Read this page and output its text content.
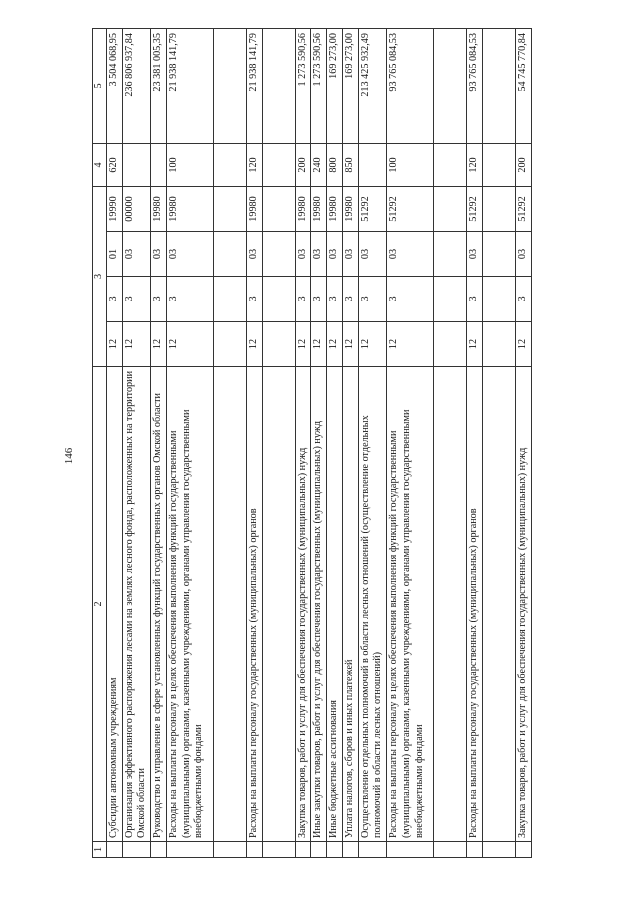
146
1	2	3				4	5
	Субсидии автономным учреждениям	12	3	01	19990	620	3 504 068,95
	Организация эффективного распоряжения лесами на землях лесного фонда, расположенных на территории Омской области	12	3	03	00000		236 806 937,84
	Руководство и управление в сфере установленных функций государственных органов Омской области	12	3	03	19980		23 381 005,35
	Расходы на выплаты персоналу в целях обеспечения выполнения функций государственными (муниципальными) органами, казенными учреждениями, органами управления государственными внебюджетными фондами	12	3	03	19980	100	21 938 141,79

	Расходы на выплаты персоналу государственных (муниципальных) органов	12	3	03	19980	120	21 938 141,79

	Закупка товаров, работ и услуг для обеспечения государственных (муниципальных) нужд	12	3	03	19980	200	1 273 590,56
	Иные закупки товаров, работ и услуг для обеспечения государственных (муниципальных) нужд	12	3	03	19980	240	1 273 590,56
	Иные бюджетные ассигнования	12	3	03	19980	800	169 273,00
	Уплата налогов, сборов и иных платежей	12	3	03	19980	850	169 273,00
	Осуществление отдельных полномочий в области лесных отношений (осуществление отдельных полномочий в области лесных отношений)	12	3	03	51292		213 425 932,49
	Расходы на выплаты персоналу в целях обеспечения выполнения функций государственными (муниципальными) органами, казенными учреждениями, органами управления государственными внебюджетными фондами	12	3	03	51292	100	93 765 084,53

	Расходы на выплаты персоналу государственных (муниципальных) органов	12	3	03	51292	120	93 765 084,53

	Закупка товаров, работ и услуг для обеспечения государственных (муниципальных) нужд	12	3	03	51292	200	54 745 770,84
